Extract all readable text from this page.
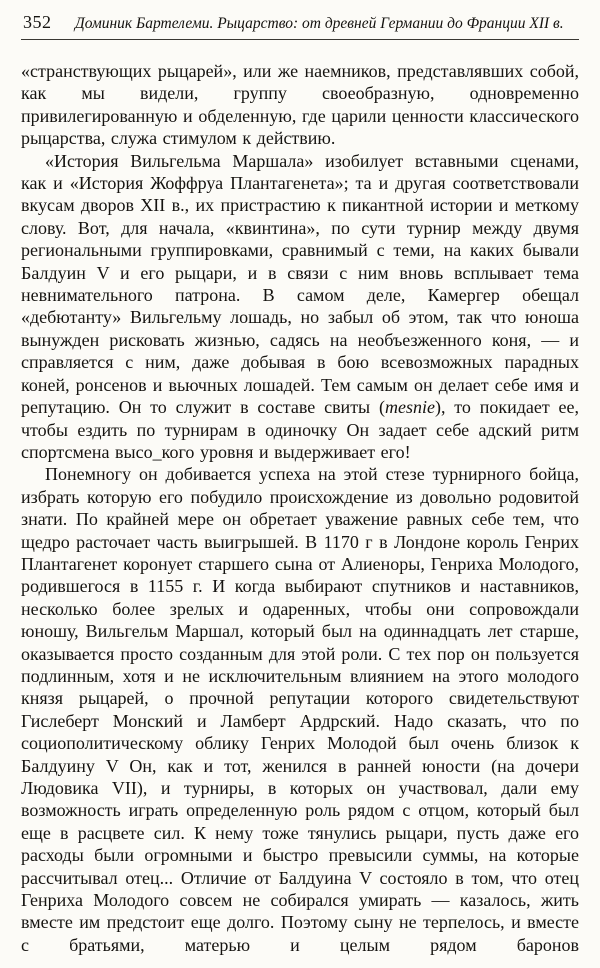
352	Доминик Бартелеми. Рыцарство: от древней Германии до Франции XII в.

«странствующих рыцарей», или же наемников, представлявших собой, как мы видели, группу своеобразную, одновременно привилегированную и обделенную, где царили ценности классического рыцарства, служа стимулом к действию.

«История Вильгельма Маршала» изобилует вставными сценами, как и «История Жоффруа Плантагенета»; та и другая соответствовали вкусам дворов XII в., их пристрастию к пикантной истории и меткому слову. Вот, для начала, «квинтина», по сути турнир между двумя региональными группировками, сравнимый с теми, на каких бывали Балдуин V и его рыцари, и в связи с ним вновь всплывает тема невнимательного патрона. В самом деле, Камергер обещал «дебютанту» Вильгельму лошадь, но забыл об этом, так что юноша вынужден рисковать жизнью, садясь на необъезженного коня, — и справляется с ним, даже добывая в бою всевозможных парадных коней, ронсенов и вьючных лошадей. Тем самым он делает себе имя и репутацию. Он то служит в составе свиты (mesnie), то покидает ее, чтобы ездить по турнирам в одиночку Он задает себе адский ритм спортсмена высо_кого уровня и выдерживает его!

Понемногу он добивается успеха на этой стезе турнирного бойца, избрать которую его побудило происхождение из довольно родовитой знати. По крайней мере он обретает уважение равных себе тем, что щедро расточает часть выигрышей. В 1170 г в Лондоне король Генрих Плантагенет коронует старшего сына от Алиеноры, Генриха Молодого, родившегося в 1155 г. И когда выбирают спутников и наставников, несколько более зрелых и одаренных, чтобы они сопровождали юношу, Вильгельм Маршал, который был на одиннадцать лет старше, оказывается просто созданным для этой роли. С тех пор он пользуется подлинным, хотя и не исключительным влиянием на этого молодого князя рыцарей, о прочной репутации которого свидетельствуют Гислеберт Монский и Ламберт Ардрский. Надо сказать, что по социополитическому облику Генрих Молодой был очень близок к Балдуину V Он, как и тот, женился в ранней юности (на дочери Людовика VII), и турниры, в которых он участвовал, дали ему возможность играть определенную роль рядом с отцом, который был еще в расцвете сил. К нему тоже тянулись рыцари, пусть даже его расходы были огромными и быстро превысили суммы, на которые рассчитывал отец... Отличие от Балдуина V состояло в том, что отец Генриха Молодого совсем не собирался умирать — казалось, жить вместе им предстоит еще долго. Поэтому сыну не терпелось, и вместе с братьями, матерью и целым рядом баронов
